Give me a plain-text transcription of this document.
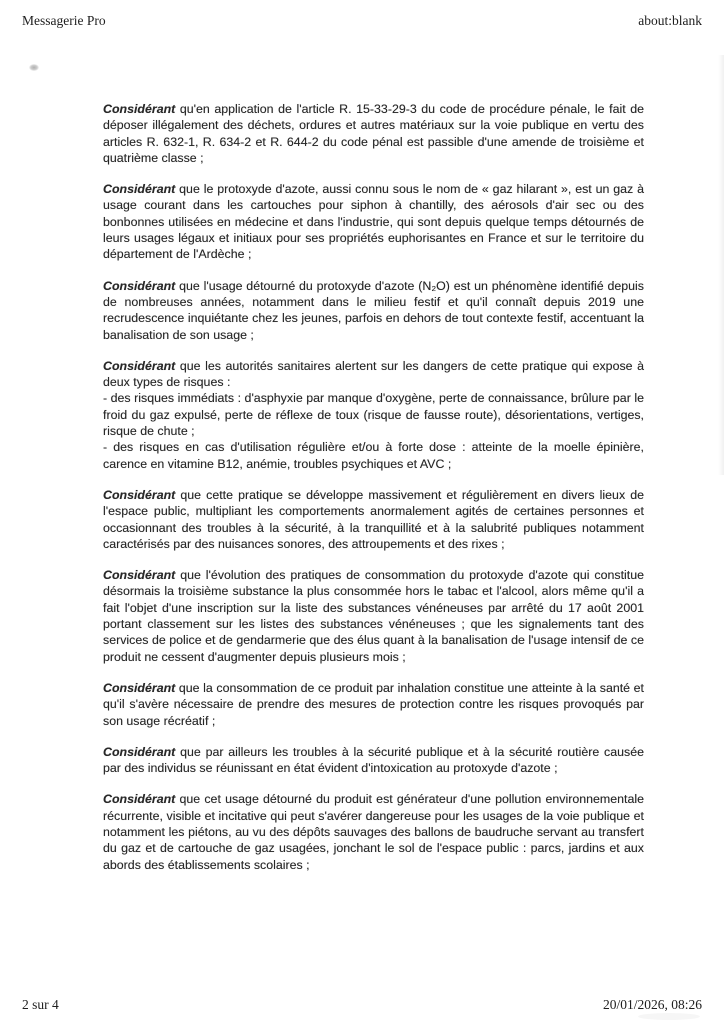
Messagerie Pro	about:blank

Considérant qu'en application de l'article R. 15-33-29-3 du code de procédure pénale, le fait de déposer illégalement des déchets, ordures et autres matériaux sur la voie publique en vertu des articles R. 632-1, R. 634-2 et R. 644-2 du code pénal est passible d'une amende de troisième et quatrième classe ;

Considérant que le protoxyde d'azote, aussi connu sous le nom de « gaz hilarant », est un gaz à usage courant dans les cartouches pour siphon à chantilly, des aérosols d'air sec ou des bonbonnes utilisées en médecine et dans l'industrie, qui sont depuis quelque temps détournés de leurs usages légaux et initiaux pour ses propriétés euphorisantes en France et sur le territoire du département de l'Ardèche ;

Considérant que l'usage détourné du protoxyde d'azote (N₂O) est un phénomène identifié depuis de nombreuses années, notamment dans le milieu festif et qu'il connaît depuis 2019 une recrudescence inquiétante chez les jeunes, parfois en dehors de tout contexte festif, accentuant la banalisation de son usage ;

Considérant que les autorités sanitaires alertent sur les dangers de cette pratique qui expose à deux types de risques :
- des risques immédiats : d'asphyxie par manque d'oxygène, perte de connaissance, brûlure par le froid du gaz expulsé, perte de réflexe de toux (risque de fausse route), désorientations, vertiges, risque de chute ;
- des risques en cas d'utilisation régulière et/ou à forte dose : atteinte de la moelle épinière, carence en vitamine B12, anémie, troubles psychiques et AVC ;

Considérant que cette pratique se développe massivement et régulièrement en divers lieux de l'espace public, multipliant les comportements anormalement agités de certaines personnes et occasionnant des troubles à la sécurité, à la tranquillité et à la salubrité publiques notamment caractérisés par des nuisances sonores, des attroupements et des rixes ;

Considérant que l'évolution des pratiques de consommation du protoxyde d'azote qui constitue désormais la troisième substance la plus consommée hors le tabac et l'alcool, alors même qu'il a fait l'objet d'une inscription sur la liste des substances vénéneuses par arrêté du 17 août 2001 portant classement sur les listes des substances vénéneuses ; que les signalements tant des services de police et de gendarmerie que des élus quant à la banalisation de l'usage intensif de ce produit ne cessent d'augmenter depuis plusieurs mois ;

Considérant que la consommation de ce produit par inhalation constitue une atteinte à la santé et qu'il s'avère nécessaire de prendre des mesures de protection contre les risques provoqués par son usage récréatif ;

Considérant que par ailleurs les troubles à la sécurité publique et à la sécurité routière causée par des individus se réunissant en état évident d'intoxication au protoxyde d'azote ;

Considérant que cet usage détourné du produit est générateur d'une pollution environnementale récurrente, visible et incitative qui peut s'avérer dangereuse pour les usages de la voie publique et notamment les piétons, au vu des dépôts sauvages des ballons de baudruche servant au transfert du gaz et de cartouche de gaz usagées, jonchant le sol de l'espace public : parcs, jardins et aux abords des établissements scolaires ;

2 sur 4	20/01/2026, 08:26
